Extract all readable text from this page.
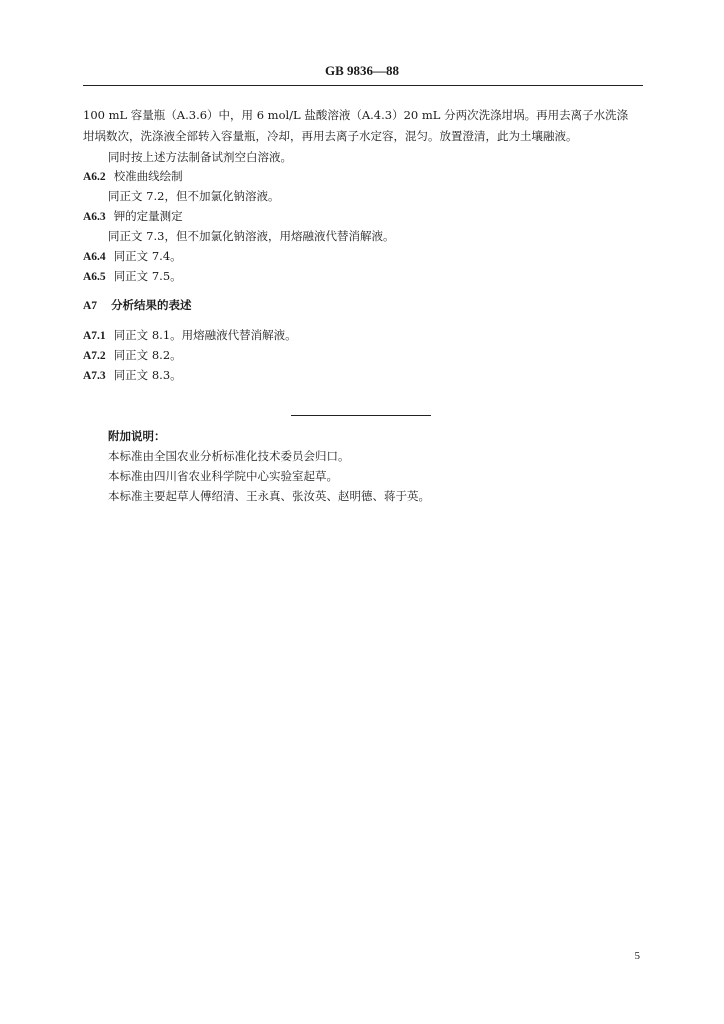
GB 9836—88
100 mL 容量瓶（A.3.6）中，用 6 mol/L 盐酸溶液（A.4.3）20 mL 分两次洗涤坩埚。再用去离子水洗涤
坩埚数次，洗涤液全部转入容量瓶，冷却，再用去离子水定容，混匀。放置澄清，此为土壤融液。
同时按上述方法制备试剂空白溶液。
A6.2 校准曲线绘制
同正文 7.2，但不加氯化钠溶液。
A6.3 钾的定量测定
同正文 7.3，但不加氯化钠溶液，用熔融液代替消解液。
A6.4 同正文 7.4。
A6.5 同正文 7.5。
A7 分析结果的表述
A7.1 同正文 8.1。用熔融液代替消解液。
A7.2 同正文 8.2。
A7.3 同正文 8.3。
附加说明：
本标准由全国农业分析标准化技术委员会归口。
本标准由四川省农业科学院中心实验室起草。
本标准主要起草人傅绍清、王永真、张汝英、赵明德、蒋于英。
5
